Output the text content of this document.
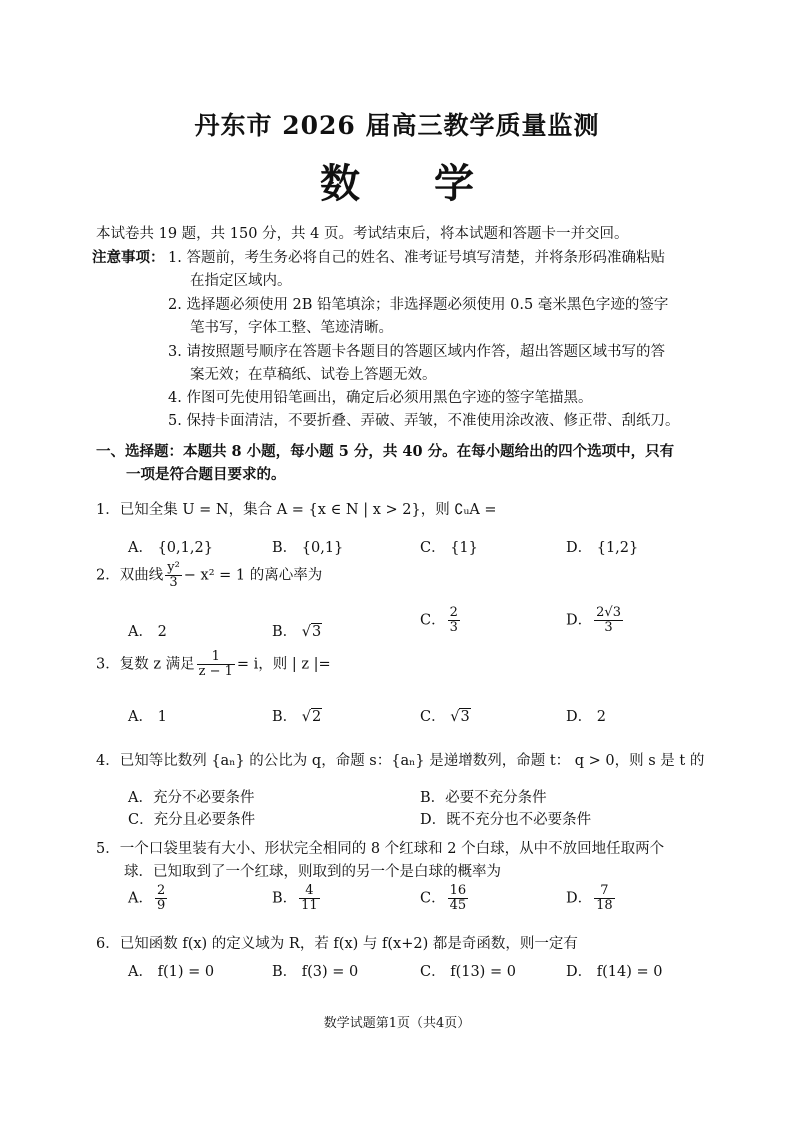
丹东市 2026 届高三教学质量监测
数 学
本试卷共 19 题，共 150 分，共 4 页。考试结束后，将本试题和答题卡一并交回。
注意事项： 1. 答题前，考生务必将自己的姓名、准考证号填写清楚，并将条形码准确粘贴
在指定区域内。
2. 选择题必须使用 2B 铅笔填涂；非选择题必须使用 0.5 毫米黑色字迹的签字
笔书写，字体工整、笔迹清晰。
3. 请按照题号顺序在答题卡各题目的答题区域内作答，超出答题区域书写的答
案无效；在草稿纸、试卷上答题无效。
4. 作图可先使用铅笔画出，确定后必须用黑色字迹的签字笔描黑。
5. 保持卡面清洁，不要折叠、弄破、弄皱，不准使用涂改液、修正带、刮纸刀。
一、选择题：本题共 8 小题，每小题 5 分，共 40 分。在每小题给出的四个选项中，只有
一项是符合题目要求的。
1．已知全集 U = N，集合 A = {x ∈ N | x > 2}，则 ∁ᵤA =
A． {0,1,2}	B． {0,1}	C． {1}	D． {1,2}
2．双曲线 $\frac{\text{y²}}{3} - x^2 = 1$ 的离心率为
A． 2	B． √3
C． $\frac{2}{3}$	D． $\frac{2√3}{3}$
3．复数 z 满足 $\frac{1}{z - 1} = i$，则 | z |=
A． 1	B． √2	C． √3	D． 2
4．已知等比数列 {aₙ} 的公比为 q，命题 s：{aₙ} 是递增数列，命题 t： q > 0，则 s 是 t 的
A．充分不必要条件	B．必要不充分条件
C．充分且必要条件	D．既不充分也不必要条件
5．一个口袋里装有大小、形状完全相同的 8 个红球和 2 个白球，从中不放回地任取两个
球．已知取到了一个红球，则取到的另一个是白球的概率为
A． $\frac{2}{9}$	B． $\frac{4}{11}$	C． $\frac{16}{45}$	D． $\frac{7}{18}$
6．已知函数 f(x) 的定义域为 R，若 f(x) 与 f(x+2) 都是奇函数，则一定有
A． f(1) = 0	B． f(3) = 0	C． f(13) = 0	D． f(14) = 0
数学试题第1页（共4页）
